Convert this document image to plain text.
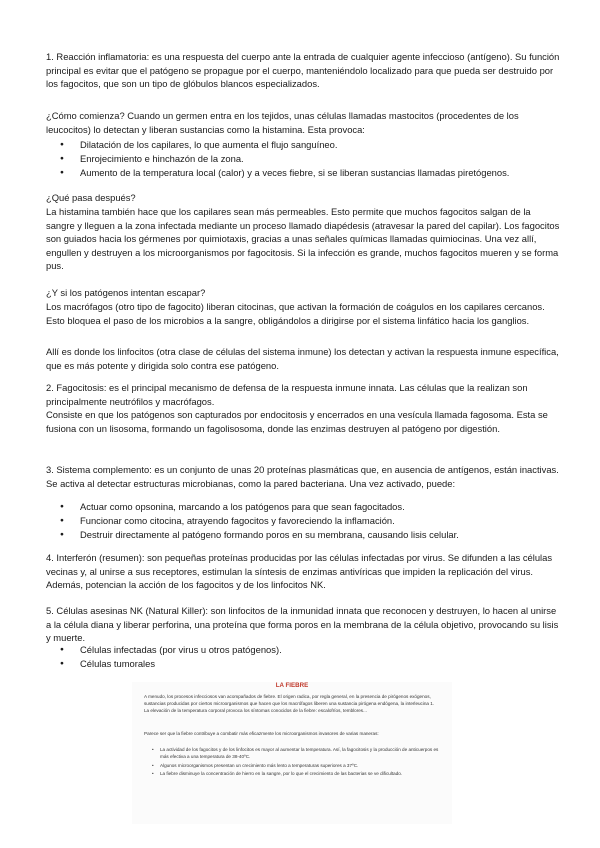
1. Reacción inflamatoria: es una respuesta del cuerpo ante la entrada de cualquier agente infeccioso (antígeno). Su función principal es evitar que el patógeno se propague por el cuerpo, manteniéndolo localizado para que pueda ser destruido por los fagocitos, que son un tipo de glóbulos blancos especializados.

¿Cómo comienza? Cuando un germen entra en los tejidos, unas células llamadas mastocitos (procedentes de los leucocitos) lo detectan y liberan sustancias como la histamina. Esta provoca:

● Dilatación de los capilares, lo que aumenta el flujo sanguíneo.
● Enrojecimiento e hinchazón de la zona.
● Aumento de la temperatura local (calor) y a veces fiebre, si se liberan sustancias llamadas piretógenos.

¿Qué pasa después?

La histamina también hace que los capilares sean más permeables. Esto permite que muchos fagocitos salgan de la sangre y lleguen a la zona infectada mediante un proceso llamado diapédesis (atravesar la pared del capilar). Los fagocitos son guiados hacia los gérmenes por quimiotaxis, gracias a unas señales químicas llamadas quimiocinas. Una vez allí, engullen y destruyen a los microorganismos por fagocitosis. Si la infección es grande, muchos fagocitos mueren y se forma pus.

¿Y si los patógenos intentan escapar?

Los macrófagos (otro tipo de fagocito) liberan citocinas, que activan la formación de coágulos en los capilares cercanos. Esto bloquea el paso de los microbios a la sangre, obligándolos a dirigirse por el sistema linfático hacia los ganglios.

Allí es donde los linfocitos (otra clase de células del sistema inmune) los detectan y activan la respuesta inmune específica, que es más potente y dirigida solo contra ese patógeno.

2. Fagocitosis: es el principal mecanismo de defensa de la respuesta inmune innata. Las células que la realizan son principalmente neutrófilos y macrófagos.

Consiste en que los patógenos son capturados por endocitosis y encerrados en una vesícula llamada fagosoma. Esta se fusiona con un lisosoma, formando un fagolisosoma, donde las enzimas destruyen al patógeno por digestión.

3. Sistema complemento: es un conjunto de unas 20 proteínas plasmáticas que, en ausencia de antígenos, están inactivas. Se activa al detectar estructuras microbianas, como la pared bacteriana. Una vez activado, puede:

● Actuar como opsonina, marcando a los patógenos para que sean fagocitados.
● Funcionar como citocina, atrayendo fagocitos y favoreciendo la inflamación.
● Destruir directamente al patógeno formando poros en su membrana, causando lisis celular.

4. Interferón (resumen): son pequeñas proteínas producidas por las células infectadas por virus. Se difunden a las células vecinas y, al unirse a sus receptores, estimulan la síntesis de enzimas antivíricas que impiden la replicación del virus. Además, potencian la acción de los fagocitos y de los linfocitos NK.

5. Células asesinas NK (Natural Killer): son linfocitos de la inmunidad innata que reconocen y destruyen, lo hacen al unirse a la célula diana y liberar perforina, una proteína que forma poros en la membrana de la célula objetivo, provocando su lisis y muerte.

● Células infectadas (por virus u otros patógenos).
● Células tumorales
LA FIEBRE

A menudo, los procesos infecciosos van acompañados de fiebre. El origen radica, por regla general, en la presencia de pirógenos exógenos, sustancias producidas por ciertos microorganismos que hacen que los macrófagos liberen una sustancia pirógena endógena, la interleucina 1. La elevación de la temperatura corporal provoca los síntomas conocidos de la fiebre: escalofríos, temblores...

Parece ser que la fiebre contribuye a combatir más eficazmente los microorganismos invasores de varias maneras:

• La actividad de los fagocitos y de los linfocitos es mayor al aumentar la temperatura. Así, la fagocitosis y la producción de anticuerpos es más efectiva a una temperatura de 38-40ºC.
• Algunos microorganismos presentan un crecimiento más lento a temperaturas superiores a 37ºC.
• La fiebre disminuye la concentración de hierro en la sangre, por lo que el crecimiento de las bacterias se ve dificultado.
